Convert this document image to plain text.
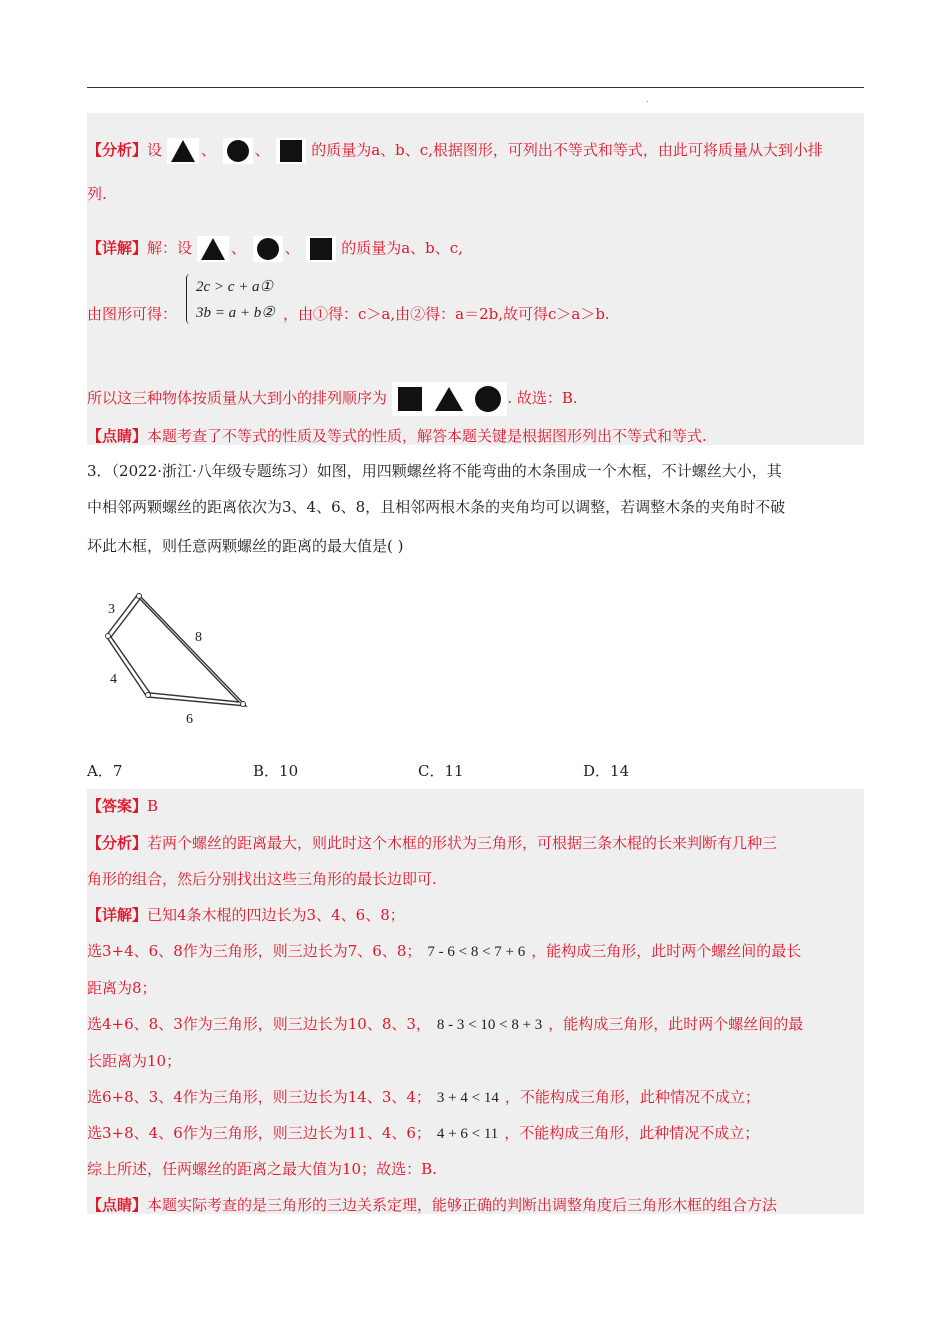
【分析】设	、	、	的质量为a、b、c,根据图形，可列出不等式和等式，由此可将质量从大到小排
列.
【详解】解：设	、	、	的质量为a、b、c,
2c > c + a①
3b = a + b②
由图形可得：	，由①得：c＞a,由②得：a＝2b,故可得c＞a＞b.
所以这三种物体按质量从大到小的排列顺序为	. 故选：B.
【点睛】本题考查了不等式的性质及等式的性质，解答本题关键是根据图形列出不等式和等式.
3．（2022·浙江·八年级专题练习）如图，用四颗螺丝将不能弯曲的木条围成一个木框，不计螺丝大小，其
中相邻两颗螺丝的距离依次为3、4、6、8，且相邻两根木条的夹角均可以调整，若调整木条的夹角时不破
坏此木框，则任意两颗螺丝的距离的最大值是( )
3
8
4
6
A．7	B．10	C．11	D．14
【答案】B
【分析】若两个螺丝的距离最大，则此时这个木框的形状为三角形，可根据三条木棍的长来判断有几种三
角形的组合，然后分别找出这些三角形的最长边即可.
【详解】已知4条木棍的四边长为3、4、6、8；
选3+4、6、8作为三角形，则三边长为7、6、8； 7 - 6 < 8 < 7 + 6 ，能构成三角形，此时两个螺丝间的最长
距离为8；
选4+6、8、3作为三角形，则三边长为10、8、3， 8 - 3 < 10 < 8 + 3 ，能构成三角形，此时两个螺丝间的最
长距离为10；
选6+8、3、4作为三角形，则三边长为14、3、4； 3 + 4 < 14 ，不能构成三角形，此种情况不成立；
选3+8、4、6作为三角形，则三边长为11、4、6； 4 + 6 < 11 ，不能构成三角形，此种情况不成立；
综上所述，任两螺丝的距离之最大值为10；故选：B.
【点睛】本题实际考查的是三角形的三边关系定理，能够正确的判断出调整角度后三角形木框的组合方法
